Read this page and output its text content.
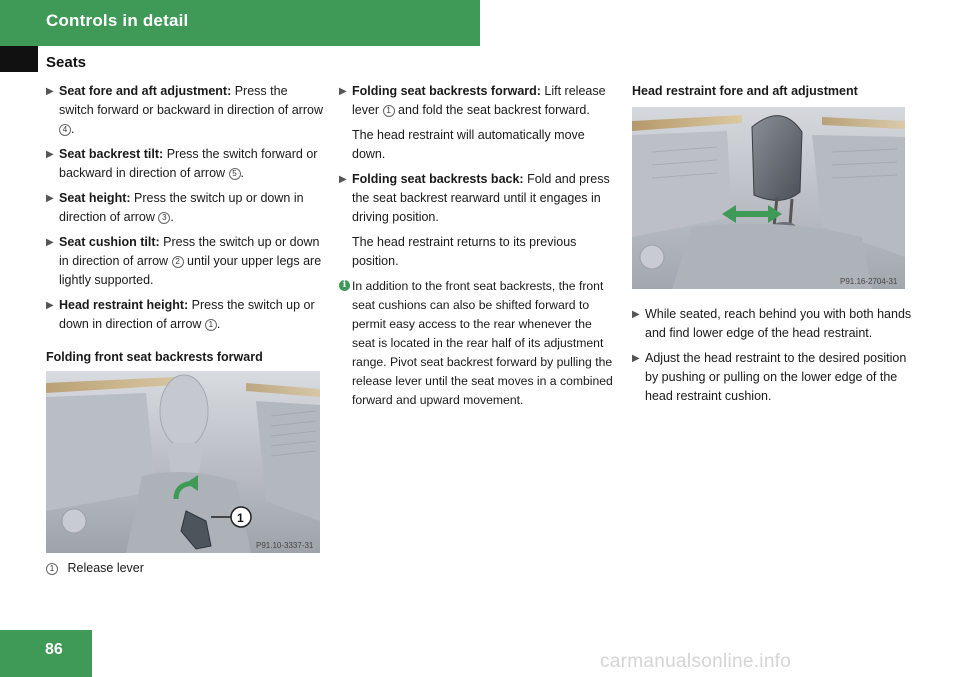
Controls in detail
Seats
▶ Seat fore and aft adjustment: Press the switch forward or backward in direction of arrow 4 .
▶ Seat backrest tilt: Press the switch forward or backward in direction of arrow 5 .
▶ Seat height: Press the switch up or down in direction of arrow 3 .
▶ Seat cushion tilt: Press the switch up or down in direction of arrow 2 until your upper legs are lightly supported.
▶ Head restraint height: Press the switch up or down in direction of arrow 1 .
Folding front seat backrests forward
P91.10-3337-31
1
1 Release lever
▶ Folding seat backrests forward: Lift release lever 1 and fold the seat backrest forward.
The head restraint will automatically move down.
▶ Folding seat backrests back: Fold and press the seat backrest rearward until it engages in driving position.
The head restraint returns to its previous position.
i In addition to the front seat backrests, the front seat cushions can also be shifted forward to permit easy access to the rear whenever the seat is located in the rear half of its adjustment range. Pivot seat backrest forward by pulling the release lever until the seat moves in a combined forward and upward movement.
Head restraint fore and aft adjustment
P91.16-2704-31
▶ While seated, reach behind you with both hands and find lower edge of the head restraint.
▶ Adjust the head restraint to the desired position by pushing or pulling on the lower edge of the head restraint cushion.
86
carmanualsonline.info
